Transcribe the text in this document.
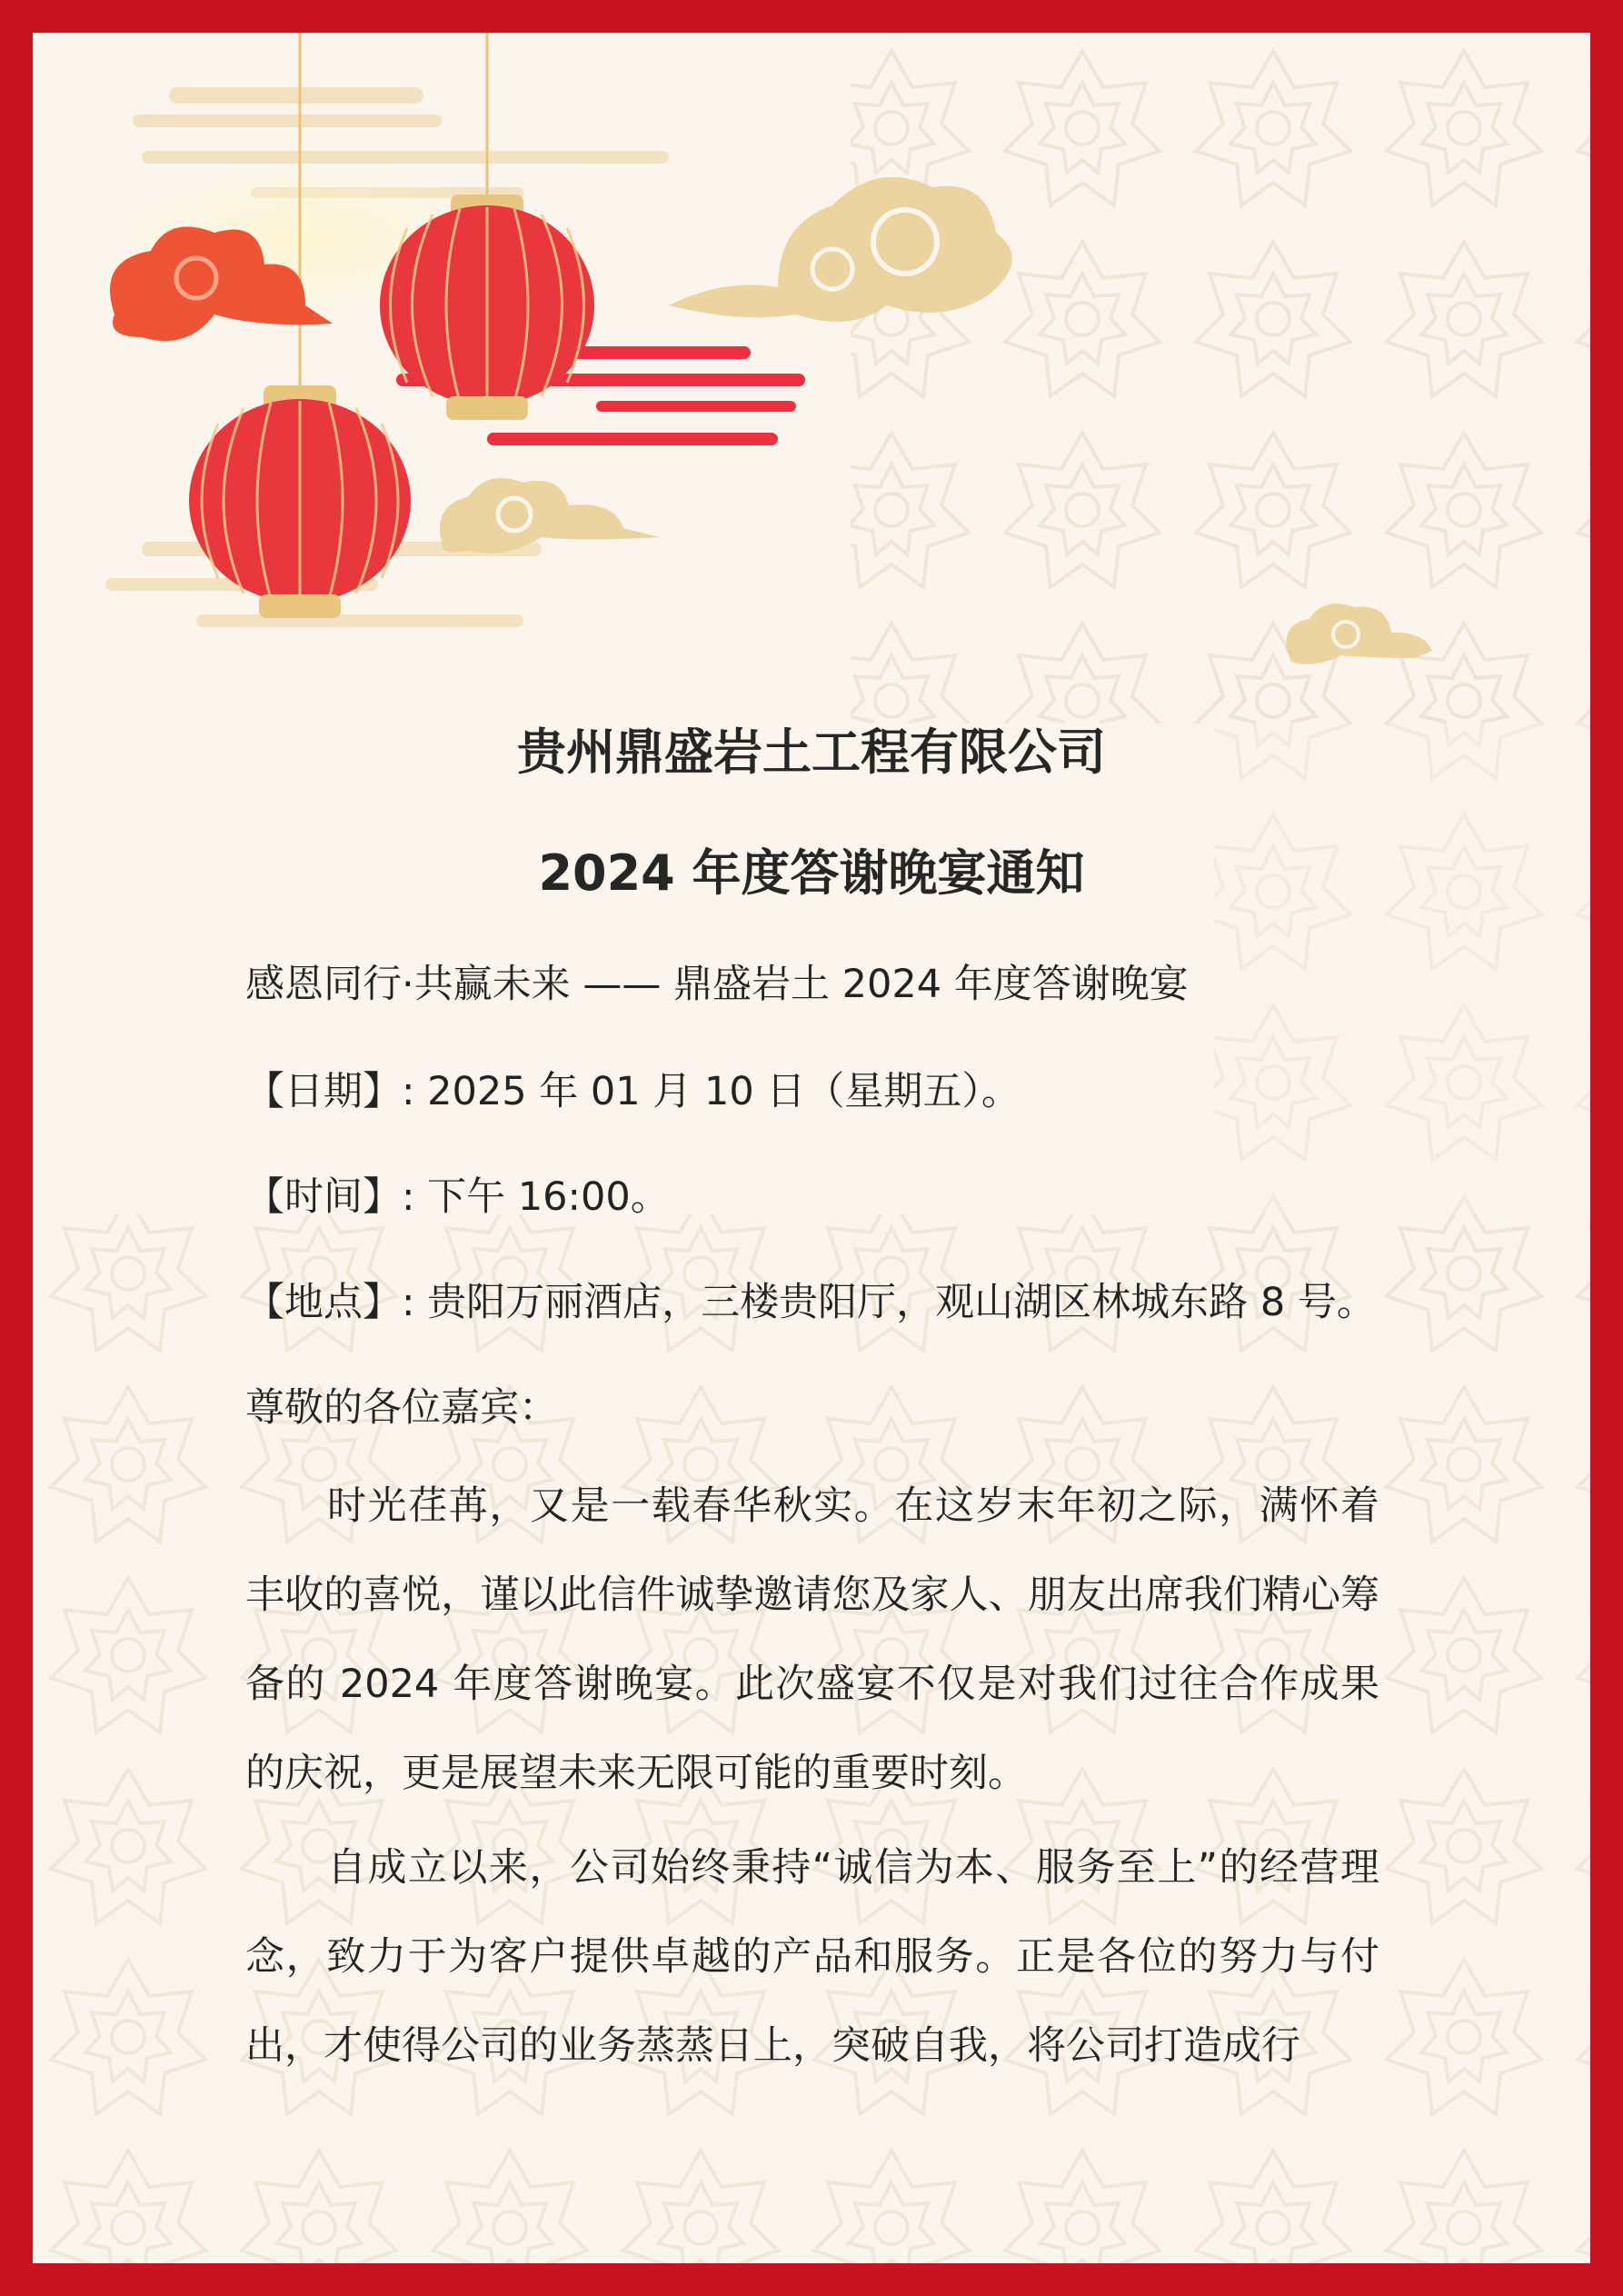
贵州鼎盛岩土工程有限公司
2024 年度答谢晚宴通知
感恩同行·共赢未来 —— 鼎盛岩土 2024 年度答谢晚宴
【日期】: 2025 年 01 月 10 日（星期五）。
【时间】: 下午 16:00。
【地点】: 贵阳万丽酒店，三楼贵阳厅，观山湖区林城东路 8 号。
尊敬的各位嘉宾：
时光荏苒，又是一载春华秋实。在这岁末年初之际，满怀着丰收的喜悦，谨以此信件诚挚邀请您及家人、朋友出席我们精心筹备的 2024 年度答谢晚宴。此次盛宴不仅是对我们过往合作成果的庆祝，更是展望未来无限可能的重要时刻。
自成立以来，公司始终秉持“诚信为本、服务至上”的经营理念，致力于为客户提供卓越的产品和服务。正是各位的努力与付出，才使得公司的业务蒸蒸日上，突破自我，将公司打造成行
